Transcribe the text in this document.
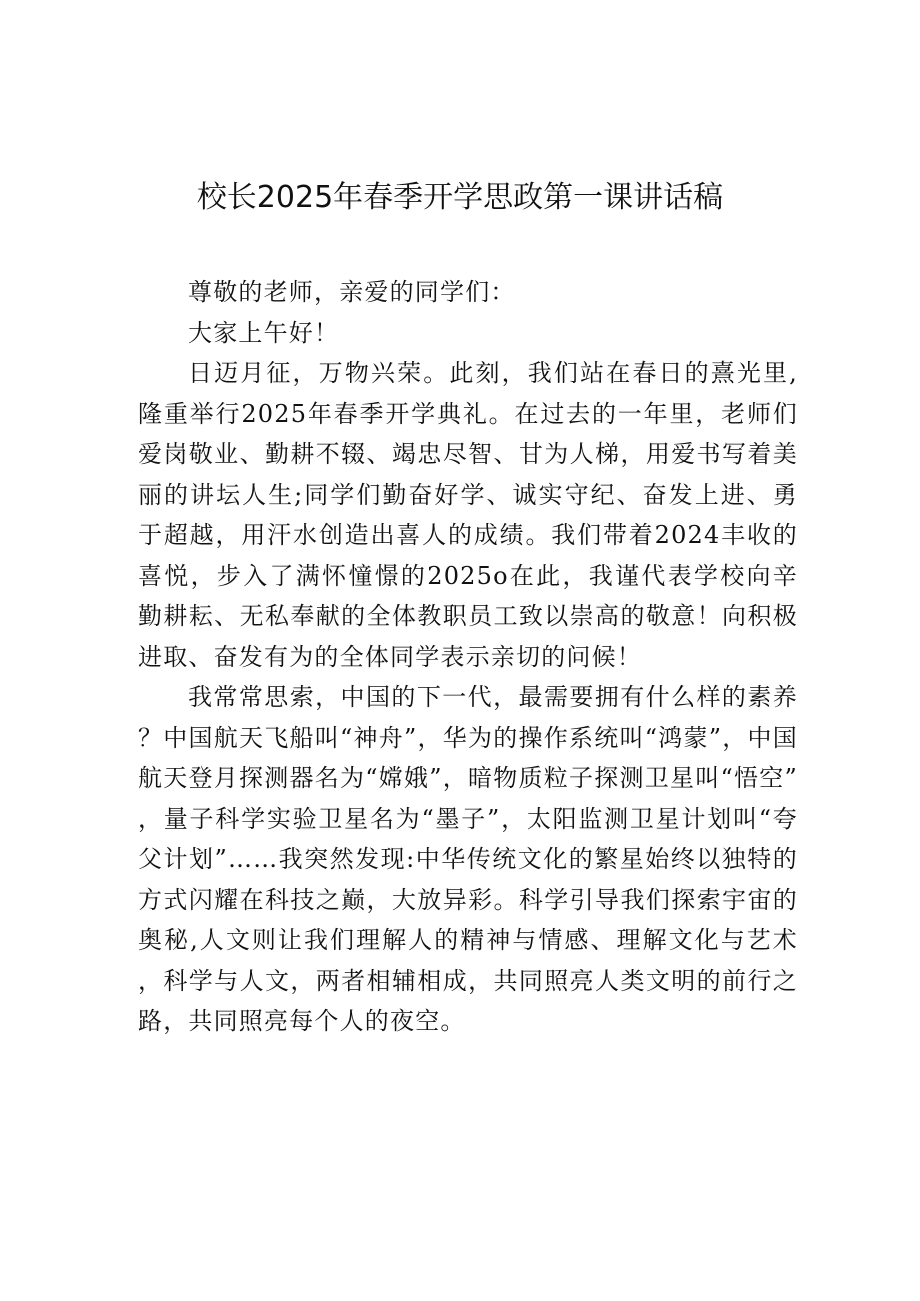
校长2025年春季开学思政第一课讲话稿

尊敬的老师，亲爱的同学们：

大家上午好！

日迈月征，万物兴荣。此刻，我们站在春日的熹光里,隆重举行2025年春季开学典礼。在过去的一年里，老师们爱岗敬业、勤耕不辍、竭忠尽智、甘为人梯，用爱书写着美丽的讲坛人生;同学们勤奋好学、诚实守纪、奋发上进、勇于超越，用汗水创造出喜人的成绩。我们带着2024丰收的喜悦，步入了满怀憧憬的2025o在此，我谨代表学校向辛勤耕耘、无私奉献的全体教职员工致以崇高的敬意！向积极进取、奋发有为的全体同学表示亲切的问候！

我常常思索，中国的下一代，最需要拥有什么样的素养？中国航天飞船叫“神舟”，华为的操作系统叫“鸿蒙”，中国航天登月探测器名为“嫦娥”，暗物质粒子探测卫星叫“悟空”，量子科学实验卫星名为“墨子”，太阳监测卫星计划叫“夸父计划”……我突然发现:中华传统文化的繁星始终以独特的方式闪耀在科技之巅，大放异彩。科学引导我们探索宇宙的奥秘,人文则让我们理解人的精神与情感、理解文化与艺术，科学与人文，两者相辅相成，共同照亮人类文明的前行之路，共同照亮每个人的夜空。
